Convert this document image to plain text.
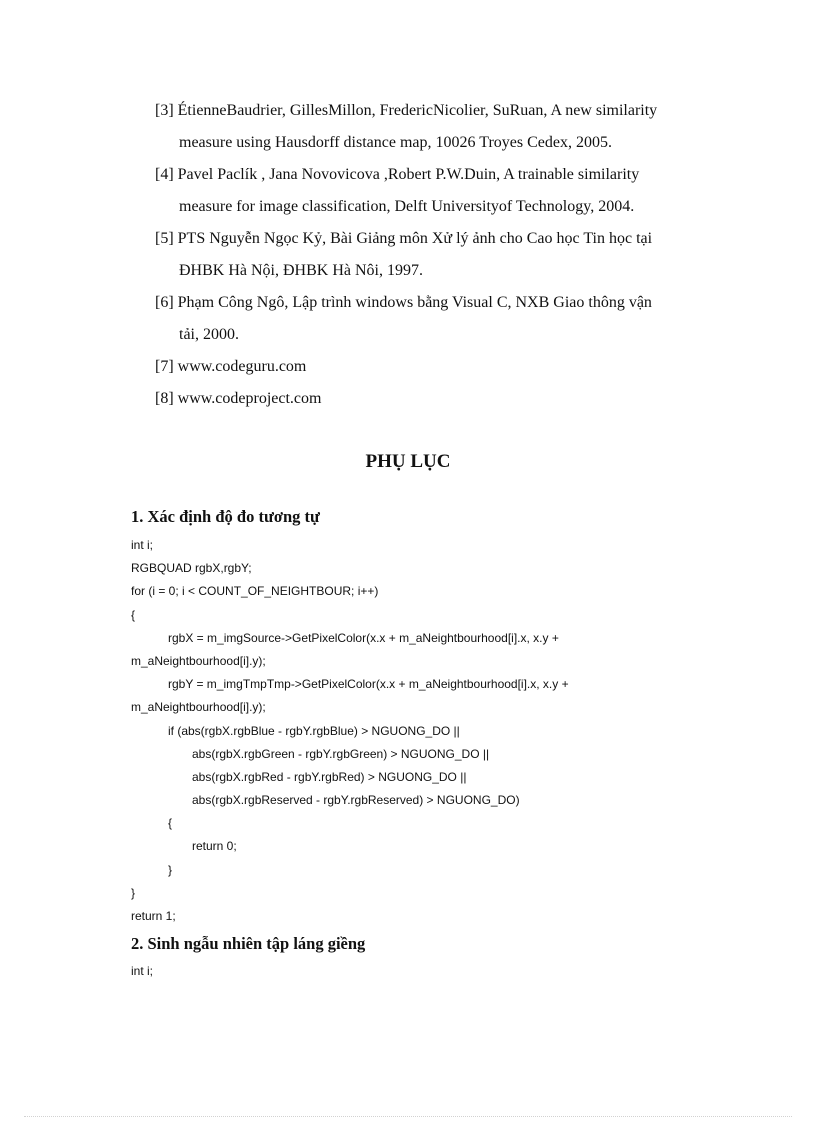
[3] ÉtienneBaudrier, GillesMillon, FredericNicolier, SuRuan, A new similarity
measure using Hausdorff distance map, 10026 Troyes Cedex, 2005.
[4] Pavel Paclík , Jana Novovicova ,Robert P.W.Duin, A trainable similarity
measure for image classification, Delft Universityof Technology, 2004.
[5] PTS Nguyễn Ngọc Kỷ, Bài Giảng môn Xử lý ảnh cho Cao học Tin học tại
ĐHBK Hà Nội, ĐHBK Hà Nôi, 1997.
[6] Phạm Công Ngô, Lập trình windows bằng Visual C, NXB Giao thông vận
tải, 2000.
[7] www.codeguru.com
[8] www.codeproject.com
PHỤ LỤC
1. Xác định độ đo tương tự
int i;
RGBQUAD rgbX,rgbY;
for (i = 0; i < COUNT_OF_NEIGHTBOUR; i++)
{
rgbX = m_imgSource->GetPixelColor(x.x + m_aNeightbourhood[i].x, x.y +
m_aNeightbourhood[i].y);
rgbY = m_imgTmpTmp->GetPixelColor(x.x + m_aNeightbourhood[i].x, x.y +
m_aNeightbourhood[i].y);
if (abs(rgbX.rgbBlue - rgbY.rgbBlue) > NGUONG_DO ||
abs(rgbX.rgbGreen - rgbY.rgbGreen) > NGUONG_DO ||
abs(rgbX.rgbRed - rgbY.rgbRed) > NGUONG_DO ||
abs(rgbX.rgbReserved - rgbY.rgbReserved) > NGUONG_DO)
{
return 0;
}
}
return 1;
2. Sinh ngẫu nhiên tập láng giềng
int i;
